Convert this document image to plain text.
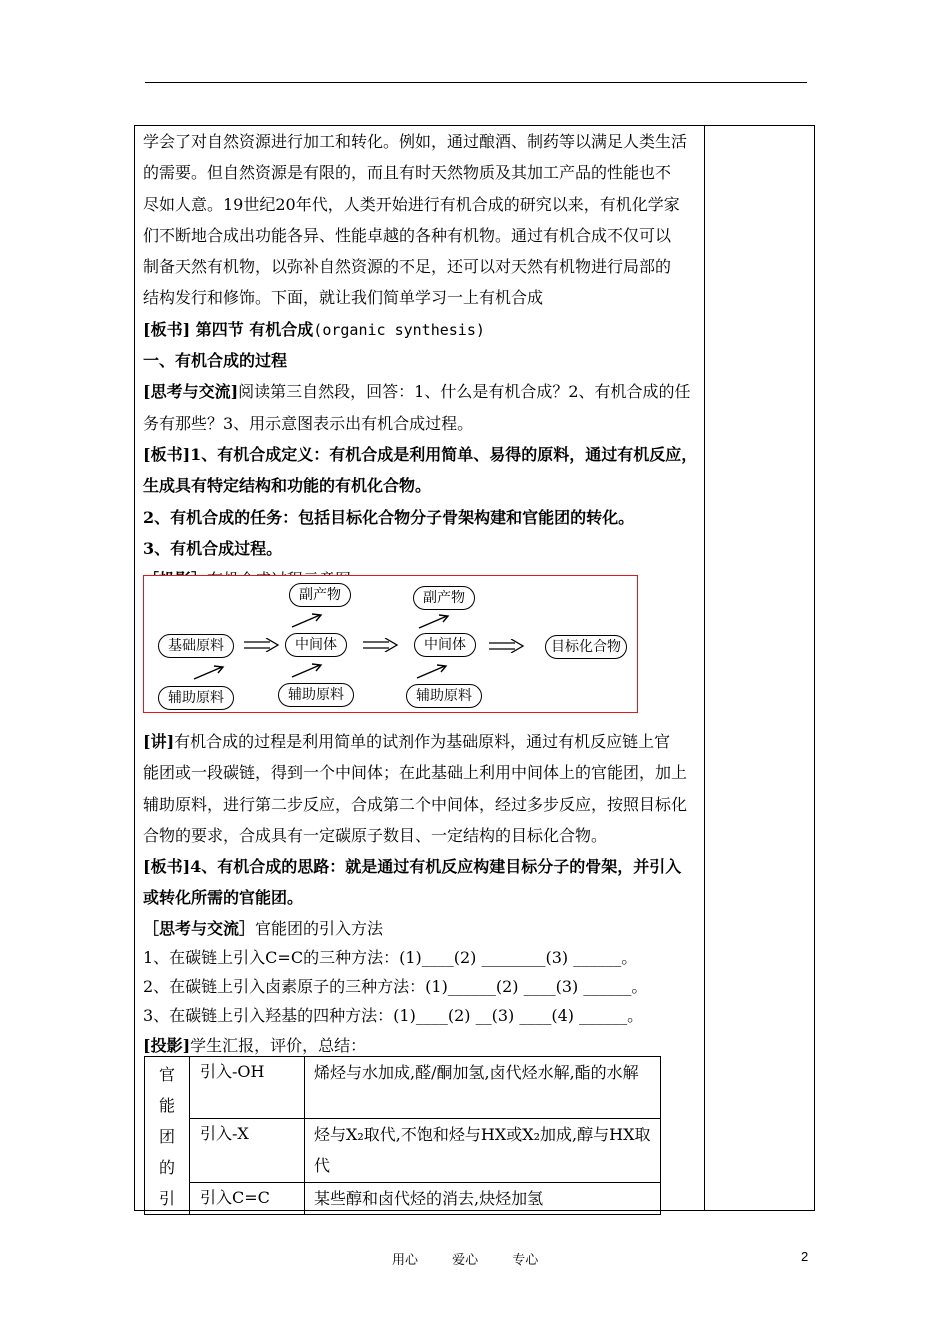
学会了对自然资源进行加工和转化。例如，通过酿酒、制药等以满足人类生活
的需要。但自然资源是有限的，而且有时天然物质及其加工产品的性能也不
尽如人意。19世纪20年代，人类开始进行有机合成的研究以来，有机化学家
们不断地合成出功能各异、性能卓越的各种有机物。通过有机合成不仅可以
制备天然有机物，以弥补自然资源的不足，还可以对天然有机物进行局部的
结构发行和修饰。下面，就让我们简单学习一上有机合成
[板书] 第四节 有机合成(organic synthesis)
一、有机合成的过程
[思考与交流]阅读第三自然段，回答：1、什么是有机合成？2、有机合成的任
务有那些？3、用示意图表示出有机合成过程。
[板书]1、有机合成定义：有机合成是利用简单、易得的原料，通过有机反应，
生成具有特定结构和功能的有机化合物。
2、有机合成的任务：包括目标化合物分子骨架构建和官能团的转化。
3、有机合成过程。
基础原料
辅助原料
副产物
中间体
辅助原料
副产物
中间体
辅助原料
目标化合物
[讲]有机合成的过程是利用简单的试剂作为基础原料，通过有机反应链上官
能团或一段碳链，得到一个中间体；在此基础上利用中间体上的官能团，加上
辅助原料，进行第二步反应，合成第二个中间体，经过多步反应，按照目标化
合物的要求，合成具有一定碳原子数目、一定结构的目标化合物。
[板书]4、有机合成的思路：就是通过有机反应构建目标分子的骨架，并引入
或转化所需的官能团。
［思考与交流］官能团的引入方法
1、在碳链上引入C=C的三种方法：(1)____(2) ________(3) ______。
2、在碳链上引入卤素原子的三种方法：(1)______(2) ____(3) ______。
3、在碳链上引入羟基的四种方法：(1)____(2) __(3) ____(4) ______。
[投影]学生汇报，评价，总结：
官
能
团
的
引	引入-OH	烯烃与水加成,醛/酮加氢,卤代烃水解,酯的水解
	引入-X	烃与X₂取代,不饱和烃与HX或X₂加成,醇与HX取代
	引入C=C	某些醇和卤代烃的消去,炔烃加氢
用心 爱心 专心	2
